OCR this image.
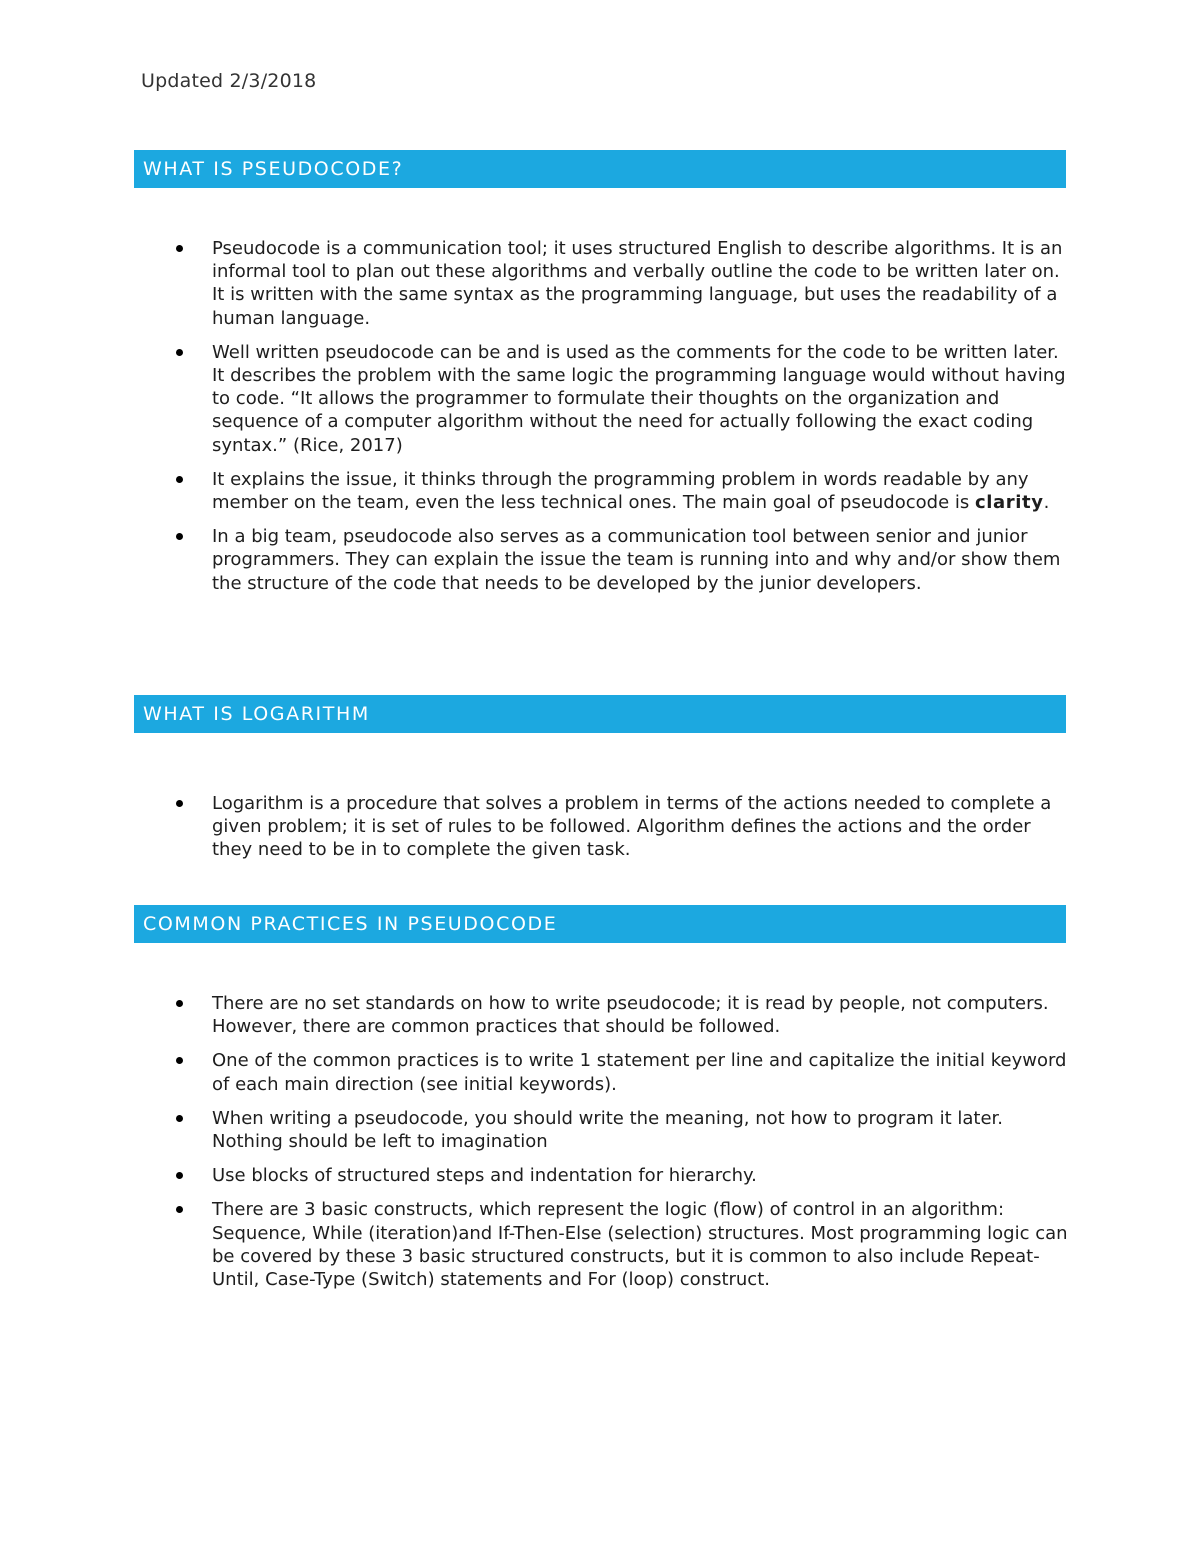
Updated 2/3/2018
WHAT IS PSEUDOCODE?
Pseudocode is a communication tool; it uses structured English to describe algorithms. It is an informal tool to plan out these algorithms and verbally outline the code to be written later on. It is written with the same syntax as the programming language, but uses the readability of a human language.
Well written pseudocode can be and is used as the comments for the code to be written later. It describes the problem with the same logic the programming language would without having to code. “It allows the programmer to formulate their thoughts on the organization and sequence of a computer algorithm without the need for actually following the exact coding syntax.” (Rice, 2017)
It explains the issue, it thinks through the programming problem in words readable by any member on the team, even the less technical ones. The main goal of pseudocode is clarity.
In a big team, pseudocode also serves as a communication tool between senior and junior programmers. They can explain the issue the team is running into and why and/or show them the structure of the code that needs to be developed by the junior developers.
WHAT IS LOGARITHM
Logarithm is a procedure that solves a problem in terms of the actions needed to complete a given problem; it is set of rules to be followed. Algorithm defines the actions and the order they need to be in to complete the given task.
COMMON PRACTICES IN PSEUDOCODE
There are no set standards on how to write pseudocode; it is read by people, not computers. However, there are common practices that should be followed.
One of the common practices is to write 1 statement per line and capitalize the initial keyword of each main direction (see initial keywords).
When writing a pseudocode, you should write the meaning, not how to program it later. Nothing should be left to imagination
Use blocks of structured steps and indentation for hierarchy.
There are 3 basic constructs, which represent the logic (flow) of control in an algorithm: Sequence, While (iteration)and If-Then-Else (selection) structures. Most programming logic can be covered by these 3 basic structured constructs, but it is common to also include Repeat-Until, Case-Type (Switch) statements and For (loop) construct.
